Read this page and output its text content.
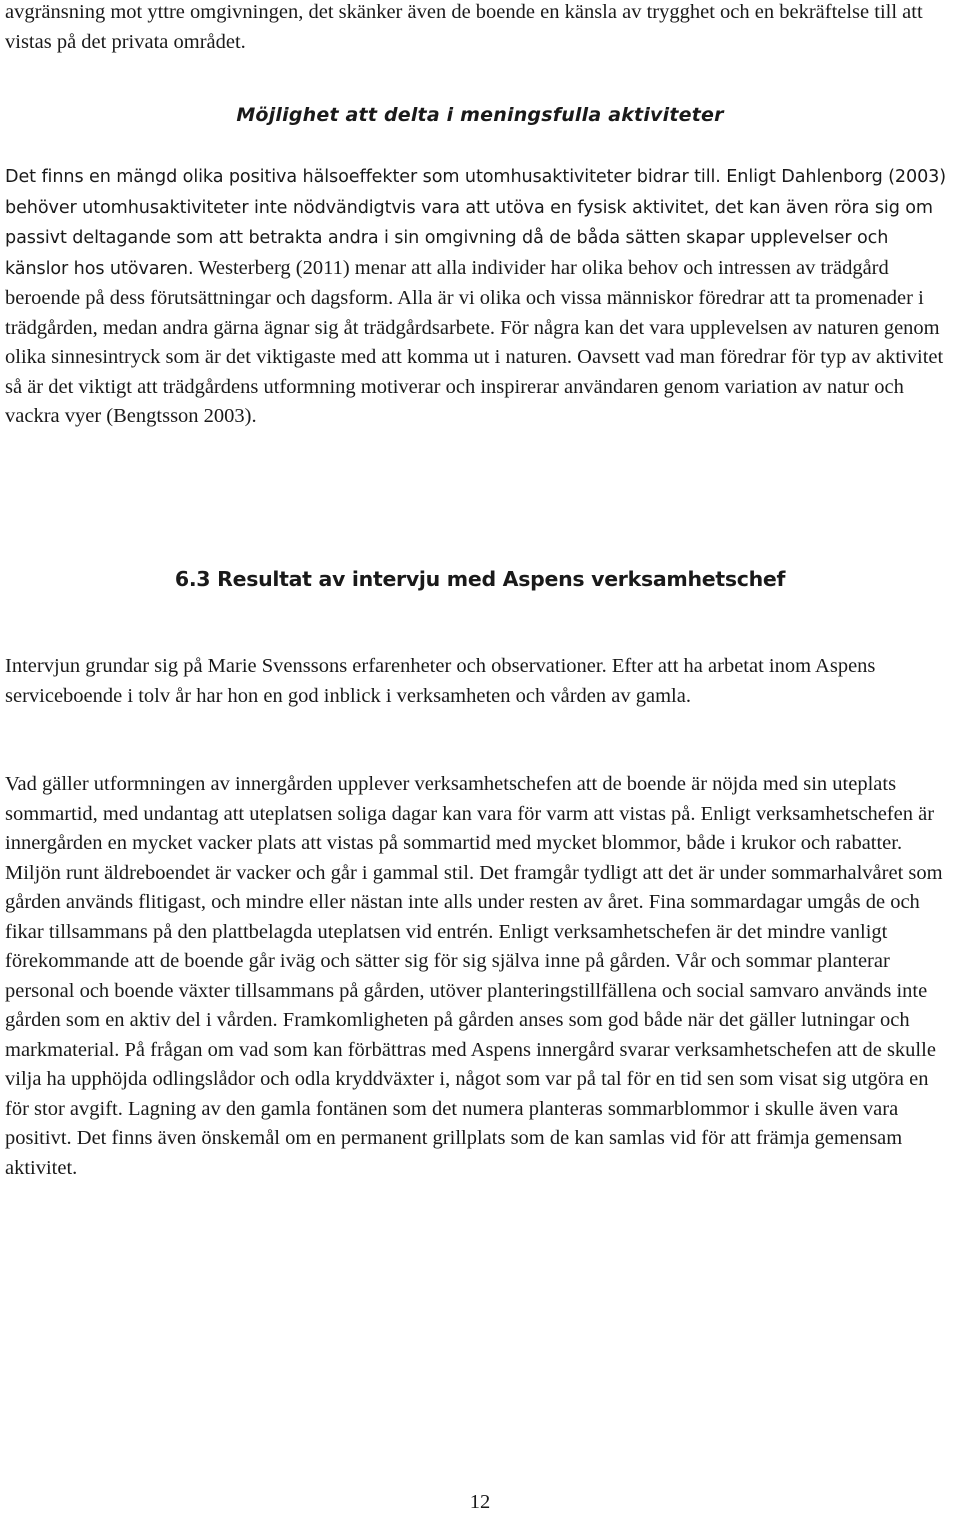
avgränsning mot yttre omgivningen, det skänker även de boende en känsla av trygghet och en bekräftelse till att vistas på det privata området.

Möjlighet att delta i meningsfulla aktiviteter

Det finns en mängd olika positiva hälsoeffekter som utomhusaktiviteter bidrar till. Enligt Dahlenborg (2003) behöver utomhusaktiviteter inte nödvändigtvis vara att utöva en fysisk aktivitet, det kan även röra sig om passivt deltagande som att betrakta andra i sin omgivning då de båda sätten skapar upplevelser och känslor hos utövaren. Westerberg (2011) menar att alla individer har olika behov och intressen av trädgård beroende på dess förutsättningar och dagsform. Alla är vi olika och vissa människor föredrar att ta promenader i trädgården, medan andra gärna ägnar sig åt trädgårdsarbete. För några kan det vara upplevelsen av naturen genom olika sinnesintryck som är det viktigaste med att komma ut i naturen. Oavsett vad man föredrar för typ av aktivitet så är det viktigt att trädgårdens utformning motiverar och inspirerar användaren genom variation av natur och vackra vyer (Bengtsson 2003).

6.3 Resultat av intervju med Aspens verksamhetschef

Intervjun grundar sig på Marie Svenssons erfarenheter och observationer. Efter att ha arbetat inom Aspens serviceboende i tolv år har hon en god inblick i verksamheten och vården av gamla.

Vad gäller utformningen av innergården upplever verksamhetschefen att de boende är nöjda med sin uteplats sommartid, med undantag att uteplatsen soliga dagar kan vara för varm att vistas på. Enligt verksamhetschefen är innergården en mycket vacker plats att vistas på sommartid med mycket blommor, både i krukor och rabatter. Miljön runt äldreboendet är vacker och går i gammal stil. Det framgår tydligt att det är under sommarhalvåret som gården används flitigast, och mindre eller nästan inte alls under resten av året. Fina sommardagar umgås de och fikar tillsammans på den plattbelagda uteplatsen vid entrén. Enligt verksamhetschefen är det mindre vanligt förekommande att de boende går iväg och sätter sig för sig själva inne på gården. Vår och sommar planterar personal och boende växter tillsammans på gården, utöver planteringstillfällena och social samvaro används inte gården som en aktiv del i vården. Framkomligheten på gården anses som god både när det gäller lutningar och markmaterial. På frågan om vad som kan förbättras med Aspens innergård svarar verksamhetschefen att de skulle vilja ha upphöjda odlingslådor och odla kryddväxter i, något som var på tal för en tid sen som visat sig utgöra en för stor avgift. Lagning av den gamla fontänen som det numera planteras sommarblommor i skulle även vara positivt. Det finns även önskemål om en permanent grillplats som de kan samlas vid för att främja gemensam aktivitet.

12
